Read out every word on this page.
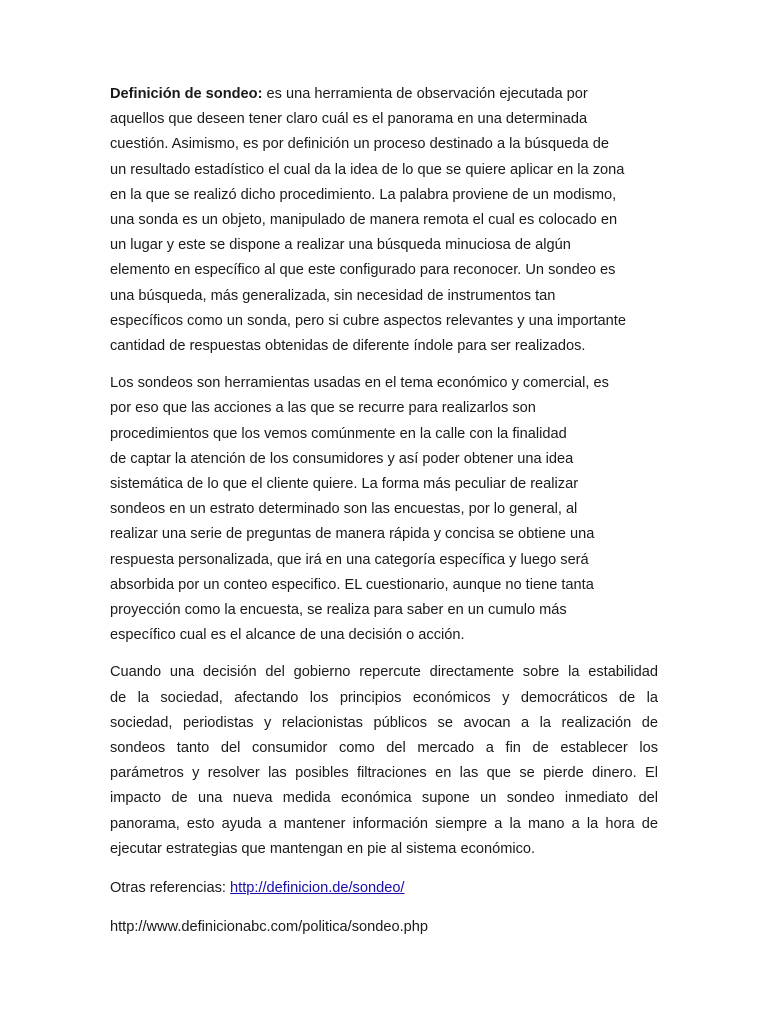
Definición de sondeo: es una herramienta de observación ejecutada por
aquellos que deseen tener claro cuál es el panorama en una determinada
cuestión. Asimismo, es por definición un proceso destinado a la búsqueda de
un resultado estadístico el cual da la idea de lo que se quiere aplicar en la zona
en la que se realizó dicho procedimiento. La palabra proviene de un modismo,
una sonda es un objeto, manipulado de manera remota el cual es colocado en
un lugar y este se dispone a realizar una búsqueda minuciosa de algún
elemento en específico al que este configurado para reconocer. Un sondeo es
una búsqueda, más generalizada, sin necesidad de instrumentos tan
específicos como un sonda, pero si cubre aspectos relevantes y una importante
cantidad de respuestas obtenidas de diferente índole para ser realizados.

Los sondeos son herramientas usadas en el tema económico y comercial, es
por eso que las acciones a las que se recurre para realizarlos son
procedimientos que los vemos comúnmente en la calle con la finalidad
de captar la atención de los consumidores y así poder obtener una idea
sistemática de lo que el cliente quiere. La forma más peculiar de realizar
sondeos en un estrato determinado son las encuestas, por lo general, al
realizar una serie de preguntas de manera rápida y concisa se obtiene una
respuesta personalizada, que irá en una categoría específica y luego será
absorbida por un conteo especifico. EL cuestionario, aunque no tiene tanta
proyección como la encuesta, se realiza para saber en un cumulo más
específico cual es el alcance de una decisión o acción.

Cuando una decisión del gobierno repercute directamente sobre la estabilidad
de la sociedad, afectando los principios económicos y democráticos de la
sociedad, periodistas y relacionistas públicos se avocan a la realización de
sondeos tanto del consumidor como del mercado a fin de establecer los
parámetros y resolver las posibles filtraciones en las que se pierde dinero. El
impacto de una nueva medida económica supone un sondeo inmediato del
panorama, esto ayuda a mantener información siempre a la mano a la hora de
ejecutar estrategias que mantengan en pie al sistema económico.

Otras referencias: http://definicion.de/sondeo/
http://www.definicionabc.com/politica/sondeo.php
